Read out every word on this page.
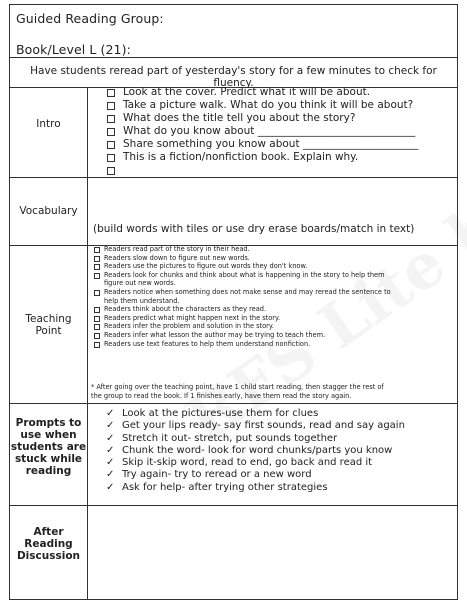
Guided Reading Group:
Book/Level L (21):
Have students reread part of yesterday's story for a few minutes to check for fluency.
Intro
Look at the cover. Predict what it will be about.
Take a picture walk. What do you think it will be about?
What does the title tell you about the story?
What do you know about ______________________________
Share something you know about ______________________
This is a fiction/nonfiction book. Explain why.
Vocabulary
(build words with tiles or use dry erase boards/match in text)
Teaching
Point
Readers read part of the story in their head.
Readers slow down to figure out new words.
Readers use the pictures to figure out words they don't know.
Readers look for chunks and think about what is happening in the story to help them
figure out new words.
Readers notice when something does not make sense and may reread the sentence to
help them understand.
Readers think about the characters as they read.
Readers predict what might happen next in the story.
Readers infer the problem and solution in the story.
Readers infer what lesson the author may be trying to teach them.
Readers use text features to help them understand nonfiction.
* After going over the teaching point, have 1 child start reading, then stagger the rest of
the group to read the book. If 1 finishes early, have them read the story again.
Prompts to
use when
students are
stuck while
reading
✓ Look at the pictures-use them for clues
✓ Get your lips ready- say first sounds, read and say again
✓ Stretch it out- stretch, put sounds together
✓ Chunk the word- look for word chunks/parts you know
✓ Skip it-skip word, read to end, go back and read it
✓ Try again- try to reread or a new word
✓ Ask for help- after trying other strategies
After
Reading
Discussion
